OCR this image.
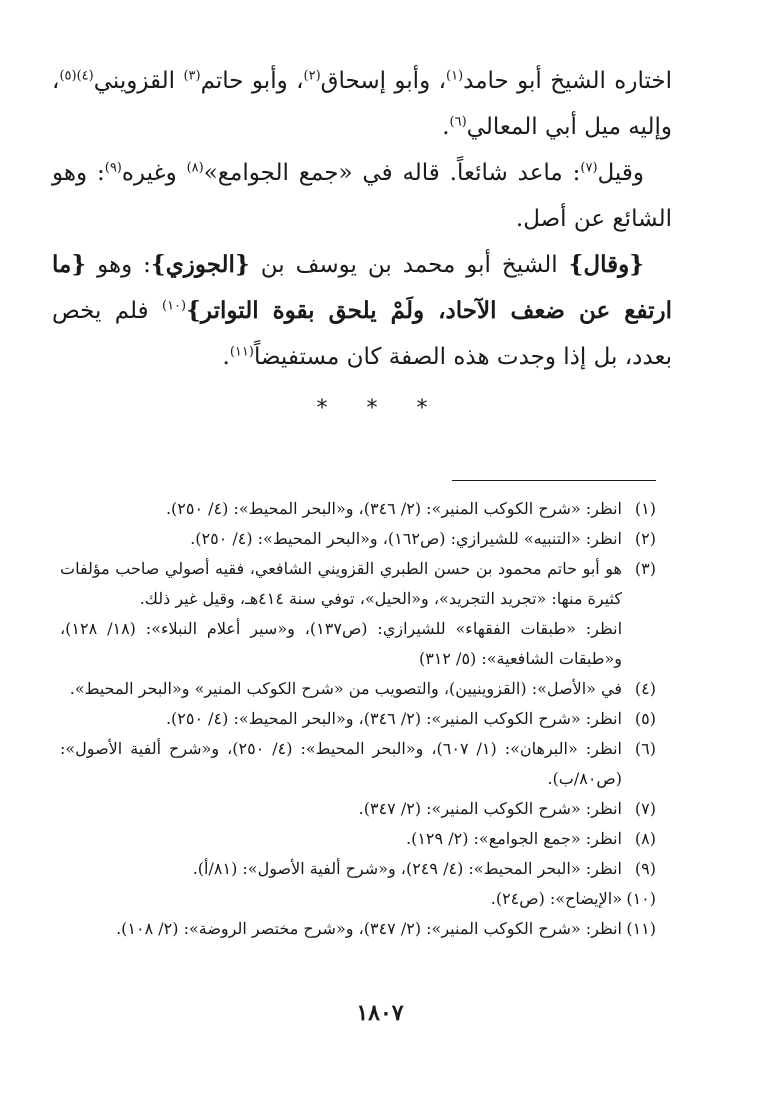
اختاره الشيخ أبو حامد$^{(١)}$، وأبو إسحاق$^{(٢)}$، وأبو حاتم$^{(٣)}$ القزويني$^{(٤)(٥)}$، وإليه ميل أبي المعالي$^{(٦)}$.

وقيل$^{(٧)}$: ماعد شائعاً. قاله في «جمع الجوامع»$^{(٨)}$ وغيره$^{(٩)}$: وهو الشائع عن أصل.

{وقال} الشيخ أبو محمد بن يوسف بن {الجوزي}: وهو {ما ارتفع عن ضعف الآحاد، ولَمْ يلحق بقوة التواتر}$^{(١٠)}$ فلم يخص بعدد، بل إذا وجدت هذه الصفة كان مستفيضاً$^{(١١)}$.

* * *
(١)
انظر: «شرح الكوكب المنير»: (٢/ ٣٤٦)، و«البحر المحيط»: (٤/ ٢٥٠).
(٢)
انظر: «التنبيه» للشيرازي: (ص١٦٢)، و«البحر المحيط»: (٤/ ٢٥٠).
(٣)
هو أبو حاتم محمود بن حسن الطبري القزويني الشافعي، فقيه أصولي صاحب مؤلفات كثيرة منها: «تجريد التجريد»، و«الحيل»، توفي سنة ٤١٤هـ، وقيل غير ذلك.
انظر: «طبقات الفقهاء» للشيرازي: (ص١٣٧)، و«سير أعلام النبلاء»: (١٨/ ١٢٨)، و«طبقات الشافعية»: (٥/ ٣١٢)
(٤)
في «الأصل»: (القزوينيين)، والتصويب من «شرح الكوكب المنير» و«البحر المحيط».
(٥)
انظر: «شرح الكوكب المنير»: (٢/ ٣٤٦)، و«البحر المحيط»: (٤/ ٢٥٠).
(٦)
انظر: «البرهان»: (١/ ٦٠٧)، و«البحر المحيط»: (٤/ ٢٥٠)، و«شرح ألفية الأصول»: (ص٨٠/ب).
(٧)
انظر: «شرح الكوكب المنير»: (٢/ ٣٤٧).
(٨)
انظر: «جمع الجوامع»: (٢/ ١٢٩).
(٩)
انظر: «البحر المحيط»: (٤/ ٢٤٩)، و«شرح ألفية الأصول»: (٨١/أ).
(١٠)
«الإيضاح»: (ص٢٤).
(١١)
انظر: «شرح الكوكب المنير»: (٢/ ٣٤٧)، و«شرح مختصر الروضة»: (٢/ ١٠٨).
١٨٠٧
